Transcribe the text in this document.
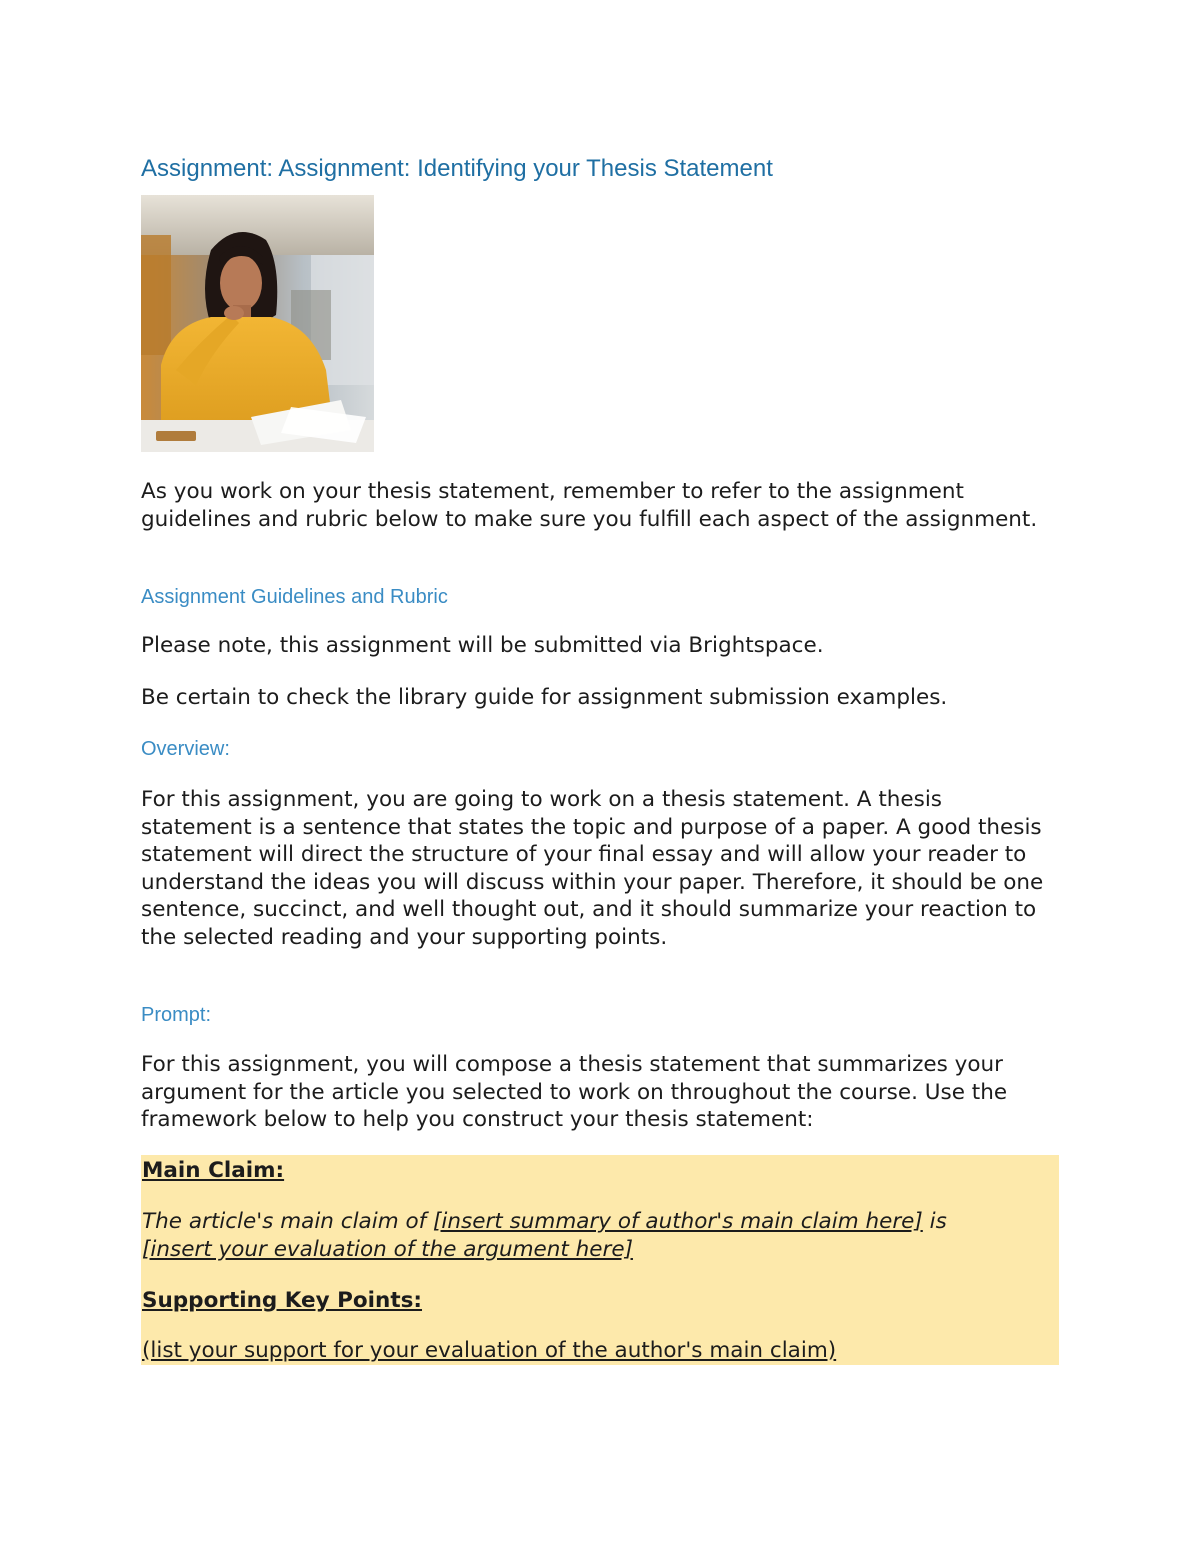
Assignment: Assignment: Identifying your Thesis Statement

As you work on your thesis statement, remember to refer to the assignment guidelines and rubric below to make sure you fulfill each aspect of the assignment.

Assignment Guidelines and Rubric

Please note, this assignment will be submitted via Brightspace.

Be certain to check the library guide for assignment submission examples.

Overview:

For this assignment, you are going to work on a thesis statement. A thesis statement is a sentence that states the topic and purpose of a paper. A good thesis statement will direct the structure of your final essay and will allow your reader to understand the ideas you will discuss within your paper. Therefore, it should be one sentence, succinct, and well thought out, and it should summarize your reaction to the selected reading and your supporting points.

Prompt:

For this assignment, you will compose a thesis statement that summarizes your argument for the article you selected to work on throughout the course. Use the framework below to help you construct your thesis statement:

Main Claim:

The article's main claim of [insert summary of author's main claim here] is [insert your evaluation of the argument here]

Supporting Key Points:

(list your support for your evaluation of the author's main claim)
